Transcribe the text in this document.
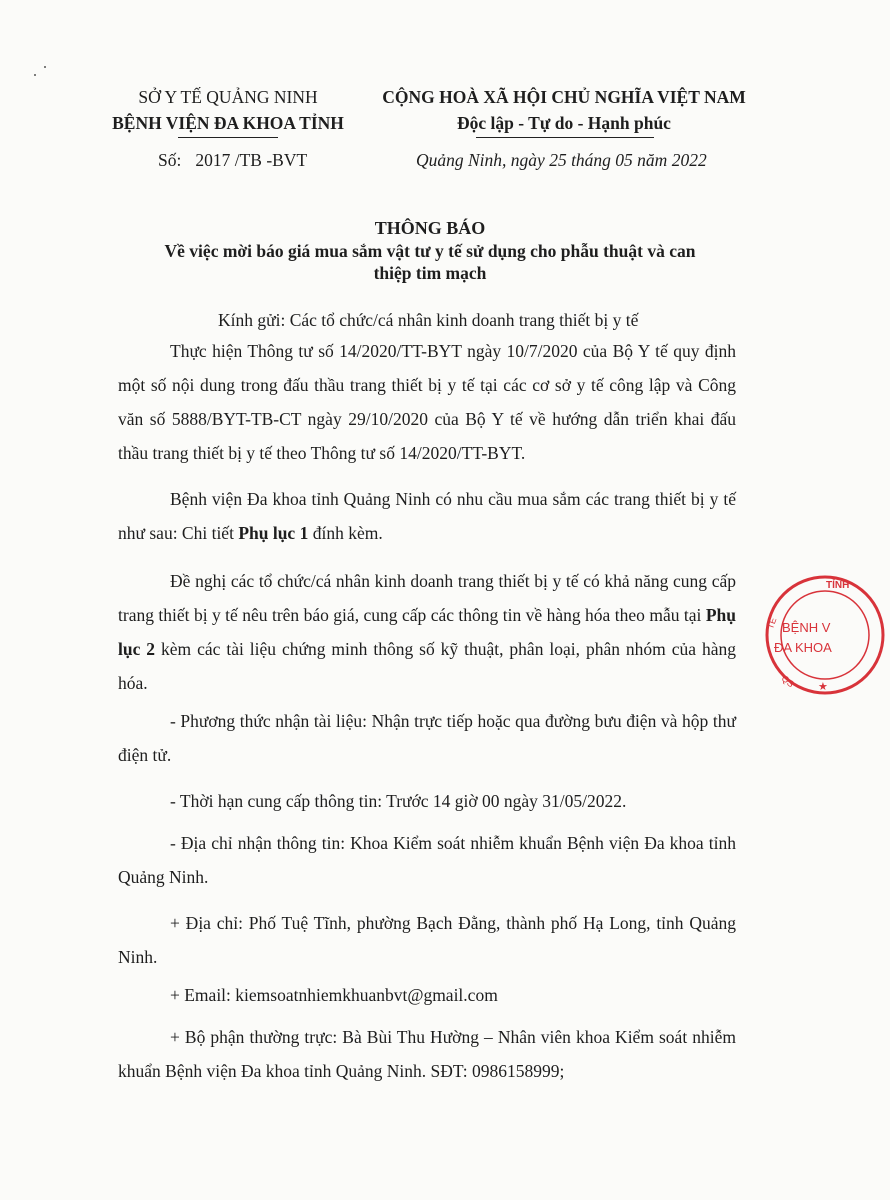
SỞ Y TẾ QUẢNG NINH
BỆNH VIỆN ĐA KHOA TỈNH
CỘNG HOÀ XÃ HỘI CHỦ NGHĨA VIỆT NAM
Độc lập - Tự do - Hạnh phúc
Số: 2017 /TB -BVT	Quảng Ninh, ngày 25 tháng 05 năm 2022
THÔNG BÁO
Về việc mời báo giá mua sắm vật tư y tế sử dụng cho phẫu thuật và can
thiệp tim mạch
Kính gửi: Các tổ chức/cá nhân kinh doanh trang thiết bị y tế
Thực hiện Thông tư số 14/2020/TT-BYT ngày 10/7/2020 của Bộ Y tế quy định một số nội dung trong đấu thầu trang thiết bị y tế tại các cơ sở y tế công lập và Công văn số 5888/BYT-TB-CT ngày 29/10/2020 của Bộ Y tế về hướng dẫn triển khai đấu thầu trang thiết bị y tế theo Thông tư số 14/2020/TT-BYT.
Bệnh viện Đa khoa tỉnh Quảng Ninh có nhu cầu mua sắm các trang thiết bị y tế như sau: Chi tiết Phụ lục 1 đính kèm.
Đề nghị các tổ chức/cá nhân kinh doanh trang thiết bị y tế có khả năng cung cấp trang thiết bị y tế nêu trên báo giá, cung cấp các thông tin về hàng hóa theo mẫu tại Phụ lục 2 kèm các tài liệu chứng minh thông số kỹ thuật, phân loại, phân nhóm của hàng hóa.
- Phương thức nhận tài liệu: Nhận trực tiếp hoặc qua đường bưu điện và hộp thư điện tử.
- Thời hạn cung cấp thông tin: Trước 14 giờ 00 ngày 31/05/2022.
- Địa chỉ nhận thông tin: Khoa Kiểm soát nhiễm khuẩn Bệnh viện Đa khoa tỉnh Quảng Ninh.
+ Địa chỉ: Phố Tuệ Tĩnh, phường Bạch Đằng, thành phố Hạ Long, tỉnh Quảng Ninh.
+ Email: kiemsoatnhiemkhuanbvt@gmail.com
+ Bộ phận thường trực: Bà Bùi Thu Hường – Nhân viên khoa Kiểm soát nhiễm khuẩn Bệnh viện Đa khoa tỉnh Quảng Ninh. SĐT: 0986158999;
TỈNH
TẾ BỆNH V
ĐA KHOA
QS ★
